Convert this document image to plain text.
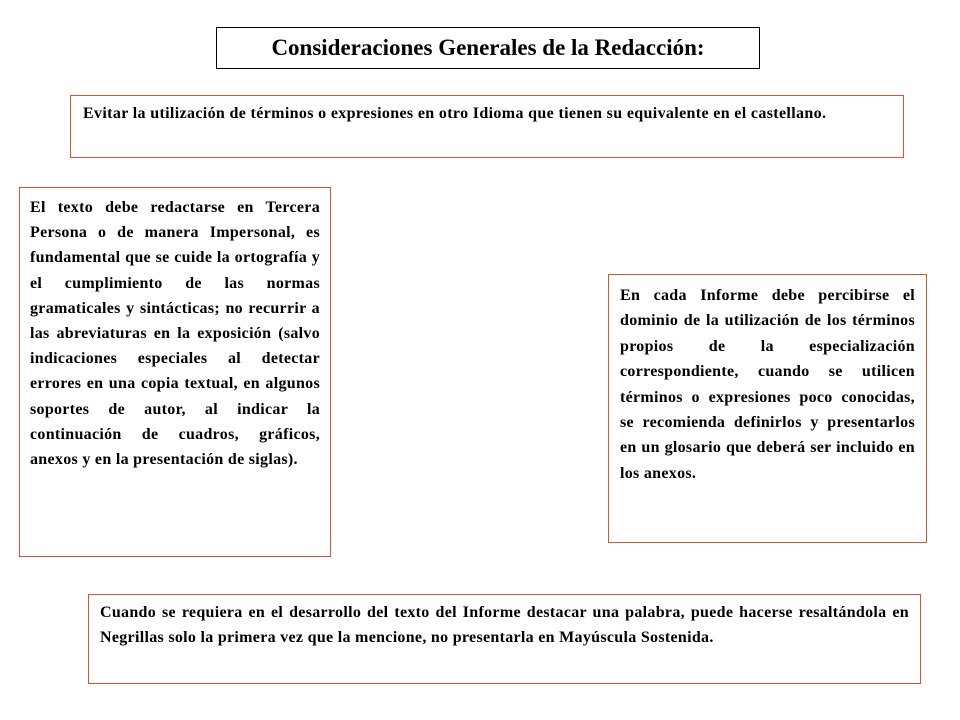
Consideraciones Generales de la Redacción:

Evitar la utilización de términos o expresiones en otro Idioma que tienen su equivalente en el castellano.

El texto debe redactarse en Tercera Persona o de manera Impersonal, es fundamental que se cuide la ortografía y el cumplimiento de las normas gramaticales y sintácticas; no recurrir a las abreviaturas en la exposición (salvo indicaciones especiales al detectar errores en una copia textual, en algunos soportes de autor, al indicar la continuación de cuadros, gráficos, anexos y en la presentación de siglas).

En cada Informe debe percibirse el dominio de la utilización de los términos propios de la especialización correspondiente, cuando se utilicen términos o expresiones poco conocidas, se recomienda definirlos y presentarlos en un glosario que deberá ser incluido en los anexos.

Cuando se requiera en el desarrollo del texto del Informe destacar una palabra, puede hacerse resaltándola en Negrillas solo la primera vez que la mencione, no presentarla en Mayúscula Sostenida.
